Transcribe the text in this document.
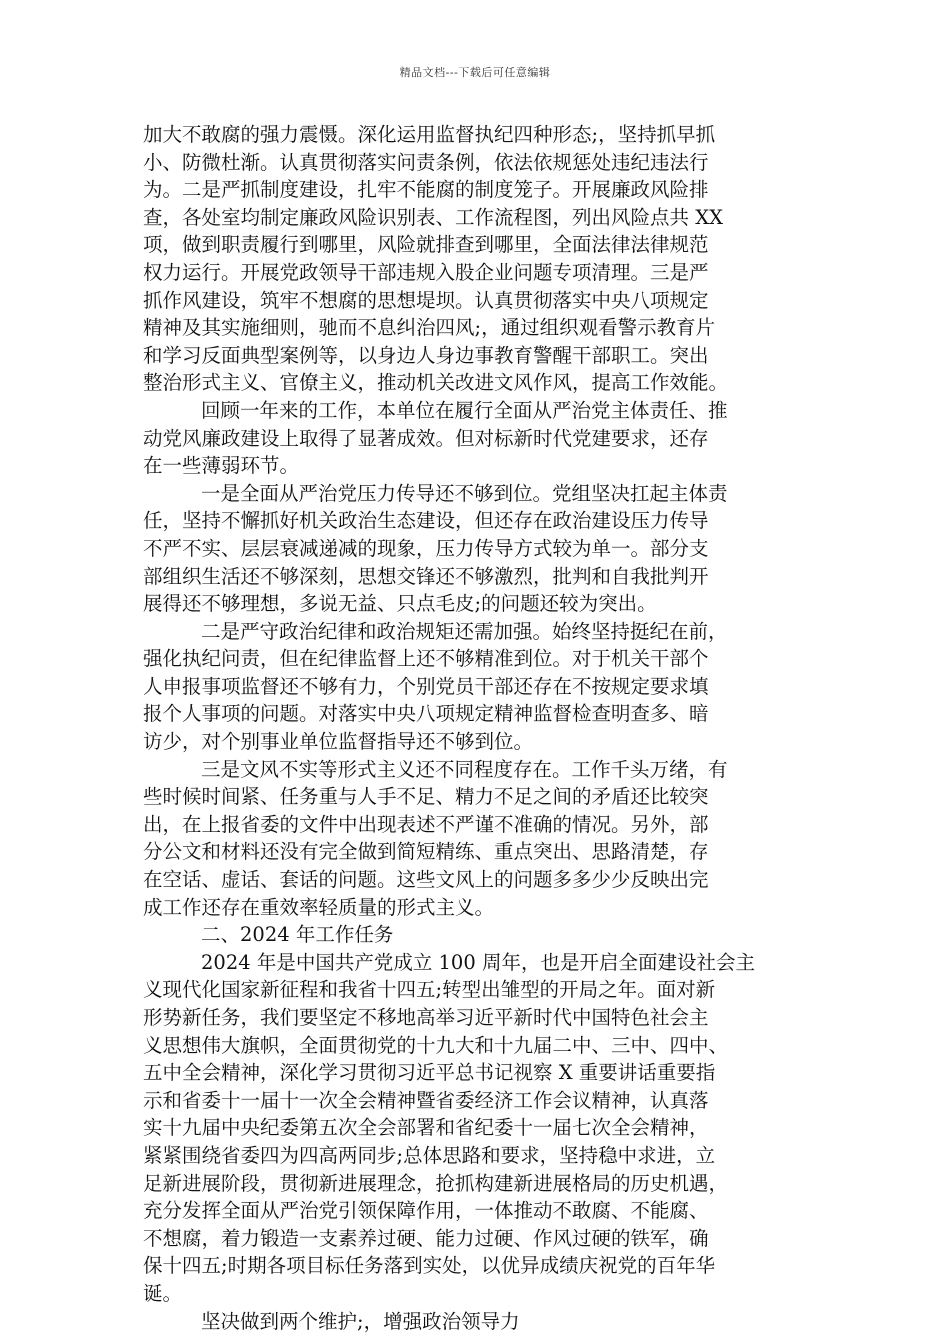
精品文档---下载后可任意编辑
加大不敢腐的强力震慑。深化运用监督执纪四种形态;，坚持抓早抓
小、防微杜渐。认真贯彻落实问责条例，依法依规惩处违纪违法行
为。二是严抓制度建设，扎牢不能腐的制度笼子。开展廉政风险排
查，各处室均制定廉政风险识别表、工作流程图，列出风险点共 XX
项，做到职责履行到哪里，风险就排查到哪里，全面法律法律规范
权力运行。开展党政领导干部违规入股企业问题专项清理。三是严
抓作风建设，筑牢不想腐的思想堤坝。认真贯彻落实中央八项规定
精神及其实施细则，驰而不息纠治四风;，通过组织观看警示教育片
和学习反面典型案例等，以身边人身边事教育警醒干部职工。突出
整治形式主义、官僚主义，推动机关改进文风作风，提高工作效能。
回顾一年来的工作，本单位在履行全面从严治党主体责任、推
动党风廉政建设上取得了显著成效。但对标新时代党建要求，还存
在一些薄弱环节。
一是全面从严治党压力传导还不够到位。党组坚决扛起主体责
任，坚持不懈抓好机关政治生态建设，但还存在政治建设压力传导
不严不实、层层衰减递减的现象，压力传导方式较为单一。部分支
部组织生活还不够深刻，思想交锋还不够激烈，批判和自我批判开
展得还不够理想，多说无益、只点毛皮;的问题还较为突出。
二是严守政治纪律和政治规矩还需加强。始终坚持挺纪在前，
强化执纪问责，但在纪律监督上还不够精准到位。对于机关干部个
人申报事项监督还不够有力，个别党员干部还存在不按规定要求填
报个人事项的问题。对落实中央八项规定精神监督检查明查多、暗
访少，对个别事业单位监督指导还不够到位。
三是文风不实等形式主义还不同程度存在。工作千头万绪，有
些时候时间紧、任务重与人手不足、精力不足之间的矛盾还比较突
出，在上报省委的文件中出现表述不严谨不准确的情况。另外，部
分公文和材料还没有完全做到简短精练、重点突出、思路清楚，存
在空话、虚话、套话的问题。这些文风上的问题多多少少反映出完
成工作还存在重效率轻质量的形式主义。
二、2024 年工作任务
2024 年是中国共产党成立 100 周年，也是开启全面建设社会主
义现代化国家新征程和我省十四五;转型出雏型的开局之年。面对新
形势新任务，我们要坚定不移地高举习近平新时代中国特色社会主
义思想伟大旗帜，全面贯彻党的十九大和十九届二中、三中、四中、
五中全会精神，深化学习贯彻习近平总书记视察 X 重要讲话重要指
示和省委十一届十一次全会精神暨省委经济工作会议精神，认真落
实十九届中央纪委第五次全会部署和省纪委十一届七次全会精神，
紧紧围绕省委四为四高两同步;总体思路和要求，坚持稳中求进，立
足新进展阶段，贯彻新进展理念，抢抓构建新进展格局的历史机遇，
充分发挥全面从严治党引领保障作用，一体推动不敢腐、不能腐、
不想腐，着力锻造一支素养过硬、能力过硬、作风过硬的铁军，确
保十四五;时期各项目标任务落到实处，以优异成绩庆祝党的百年华
诞。
坚决做到两个维护;，增强政治领导力
